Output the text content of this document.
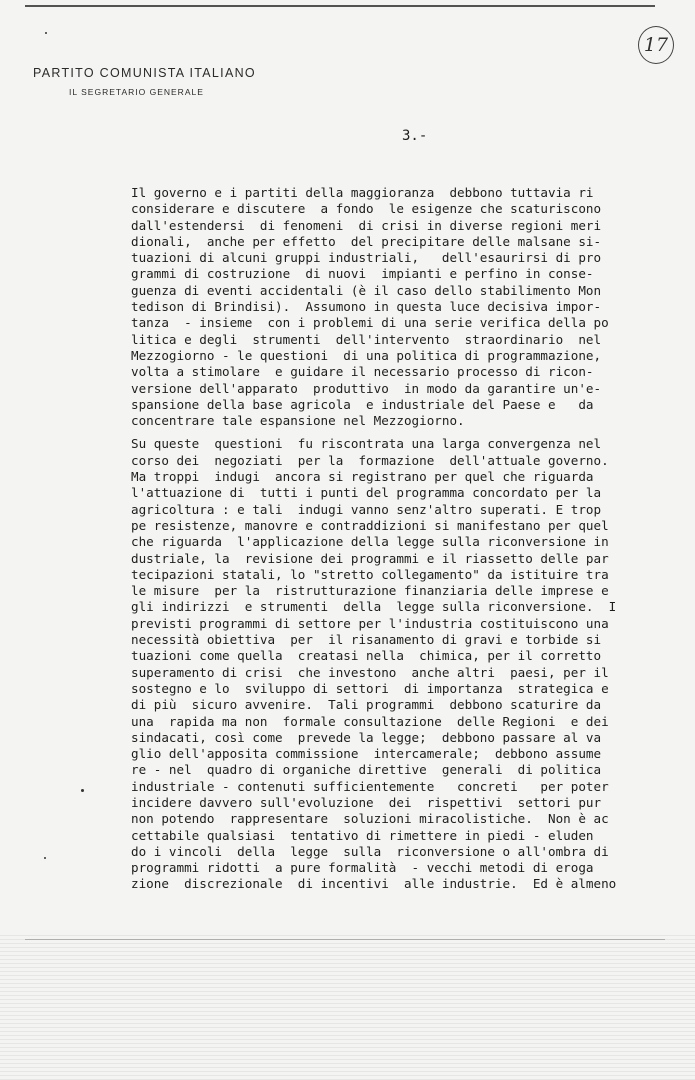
PARTITO COMUNISTA ITALIANO
IL SEGRETARIO GENERALE
17
3.-

Il governo e i partiti della maggioranza  debbono tuttavia ri
considerare e discutere  a fondo  le esigenze che scaturiscono
dall'estendersi  di fenomeni  di crisi in diverse regioni meri
dionali,  anche per effetto  del precipitare delle malsane si-
tuazioni di alcuni gruppi industriali,   dell'esaurirsi di pro
grammi di costruzione  di nuovi  impianti e perfino in conse-
guenza di eventi accidentali (è il caso dello stabilimento Mon
tedison di Brindisi).  Assumono in questa luce decisiva impor-
tanza  - insieme  con i problemi di una serie verifica della po
litica e degli  strumenti  dell'intervento  straordinario  nel
Mezzogiorno - le questioni  di una politica di programmazione,
volta a stimolare  e guidare il necessario processo di ricon-
versione dell'apparato  produttivo  in modo da garantire un'e-
spansione della base agricola  e industriale del Paese e   da
concentrare tale espansione nel Mezzogiorno.

Su queste  questioni  fu riscontrata una larga convergenza nel
corso dei  negoziati  per la  formazione  dell'attuale governo.
Ma troppi  indugi  ancora si registrano per quel che riguarda
l'attuazione di  tutti i punti del programma concordato per la
agricoltura : e tali  indugi vanno senz'altro superati. E trop
pe resistenze, manovre e contraddizioni si manifestano per quel
che riguarda  l'applicazione della legge sulla riconversione in
dustriale, la  revisione dei programmi e il riassetto delle par
tecipazioni statali, lo "stretto collegamento" da istituire tra
le misure  per la  ristrutturazione finanziaria delle imprese e
gli indirizzi  e strumenti  della  legge sulla riconversione.  I
previsti programmi di settore per l'industria costituiscono una
necessità obiettiva  per  il risanamento di gravi e torbide si
tuazioni come quella  creatasi nella  chimica, per il corretto
superamento di crisi  che investono  anche altri  paesi, per il
sostegno e lo  sviluppo di settori  di importanza  strategica e
di più  sicuro avvenire.  Tali programmi  debbono scaturire da
una  rapida ma non  formale consultazione  delle Regioni  e dei
sindacati, così come  prevede la legge;  debbono passare al va
glio dell'apposita commissione  intercamerale;  debbono assume
re - nel  quadro di organiche direttive  generali  di politica
industriale - contenuti sufficientemente   concreti   per poter
incidere davvero sull'evoluzione  dei  rispettivi  settori pur
non potendo  rappresentare  soluzioni miracolistiche.  Non è ac
cettabile qualsiasi  tentativo di rimettere in piedi - eluden
do i vincoli  della  legge  sulla  riconversione o all'ombra di
programmi ridotti  a pure formalità  - vecchi metodi di eroga
zione  discrezionale  di incentivi  alle industrie.  Ed è almeno
